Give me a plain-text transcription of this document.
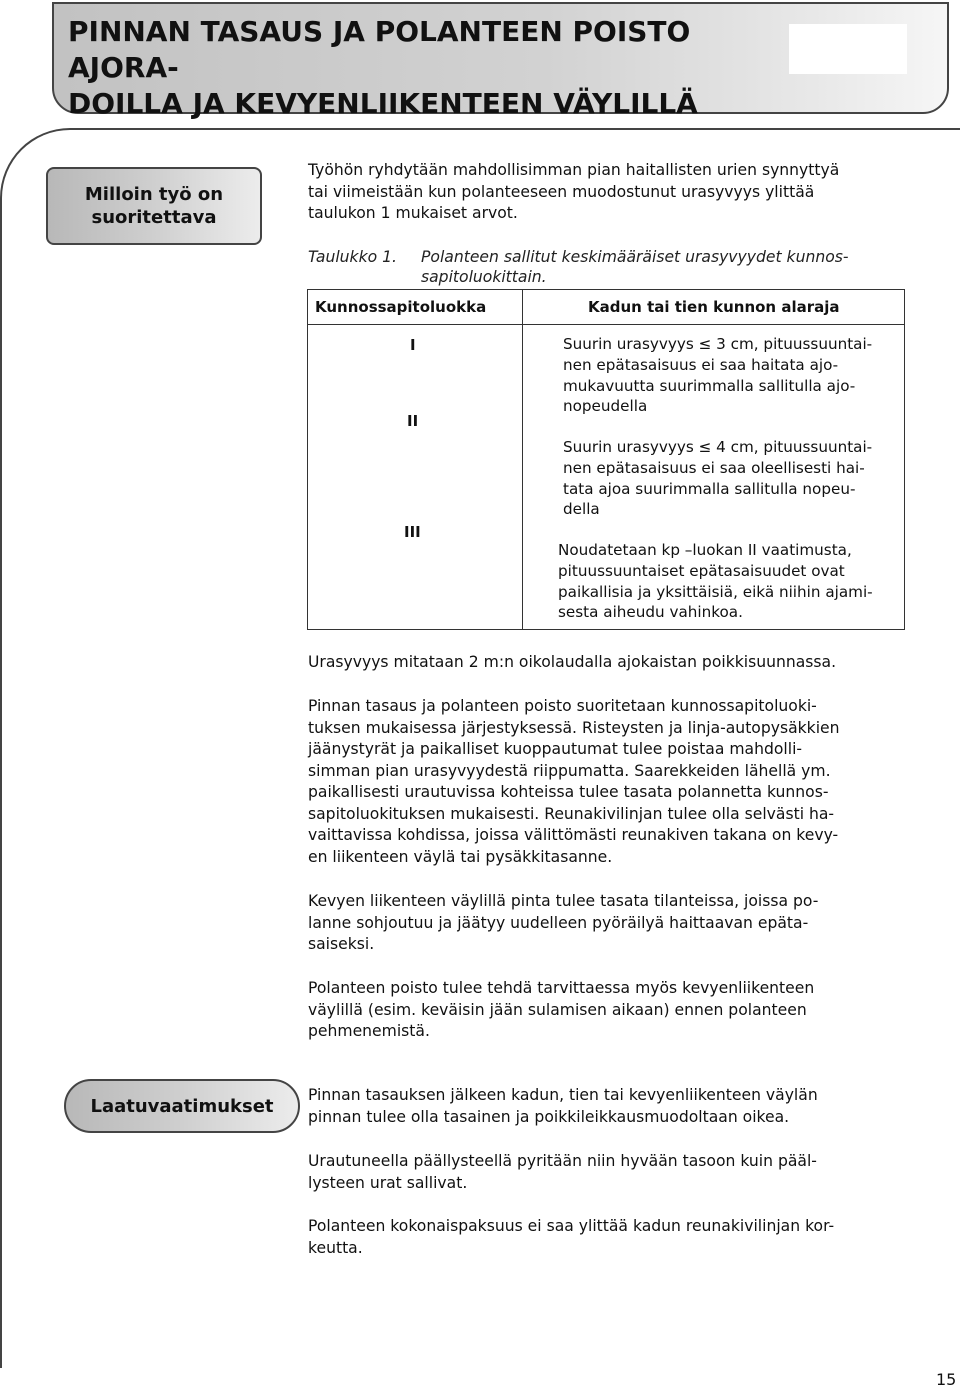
PINNAN TASAUS JA POLANTEEN POISTO AJORA-
DOILLA JA KEVYENLIIKENTEEN VÄYLILLÄ
Milloin työ on
suoritettava
Työhön ryhdytään mahdollisimman pian haitallisten urien synnyttyä
tai viimeistään kun polanteeseen muodostunut urasyvyys ylittää
taulukon 1 mukaiset arvot.
Taulukko 1. Polanteen sallitut keskimääräiset urasyvyydet kunnos-
sapitoluokittain.
Kunnossapitoluokka	Kadun tai tien kunnon alaraja
I
II
III
Suurin urasyvyys ≤ 3 cm, pituussuuntai-
nen epätasaisuus ei saa haitata ajo-
mukavuutta suurimmalla sallitulla ajo-
nopeudella
Suurin urasyvyys ≤ 4 cm, pituussuuntai-
nen epätasaisuus ei saa oleellisesti hai-
tata ajoa suurimmalla sallitulla nopeu-
della
Noudatetaan kp –luokan II vaatimusta,
pituussuuntaiset epätasaisuudet ovat
paikallisia ja yksittäisiä, eikä niihin ajami-
sesta aiheudu vahinkoa.
Urasyvyys mitataan 2 m:n oikolaudalla ajokaistan poikkisuunnassa.
Pinnan tasaus ja polanteen poisto suoritetaan kunnossapitoluoki-
tuksen mukaisessa järjestyksessä. Risteysten ja linja-autopysäkkien
jäänystyrät ja paikalliset kuoppautumat tulee poistaa mahdolli-
simman pian urasyvyydestä riippumatta. Saarekkeiden lähellä ym.
paikallisesti urautuvissa kohteissa tulee tasata polannetta kunnos-
sapitoluokituksen mukaisesti. Reunakivilinjan tulee olla selvästi ha-
vaittavissa kohdissa, joissa välittömästi reunakiven takana on kevy-
en liikenteen väylä tai pysäkkitasanne.
Kevyen liikenteen väylillä pinta tulee tasata tilanteissa, joissa po-
lanne sohjoutuu ja jäätyy uudelleen pyöräilyä haittaavan epäta-
saiseksi.
Polanteen poisto tulee tehdä tarvittaessa myös kevyenliikenteen
väylillä (esim. keväisin jään sulamisen aikaan) ennen polanteen
pehmenemistä.
Laatuvaatimukset
Pinnan tasauksen jälkeen kadun, tien tai kevyenliikenteen väylän
pinnan tulee olla tasainen ja poikkileikkausmuodoltaan oikea.
Urautuneella päällysteellä pyritään niin hyvään tasoon kuin pääl-
lysteen urat sallivat.
Polanteen kokonaispaksuus ei saa ylittää kadun reunakivilinjan kor-
keutta.
15
